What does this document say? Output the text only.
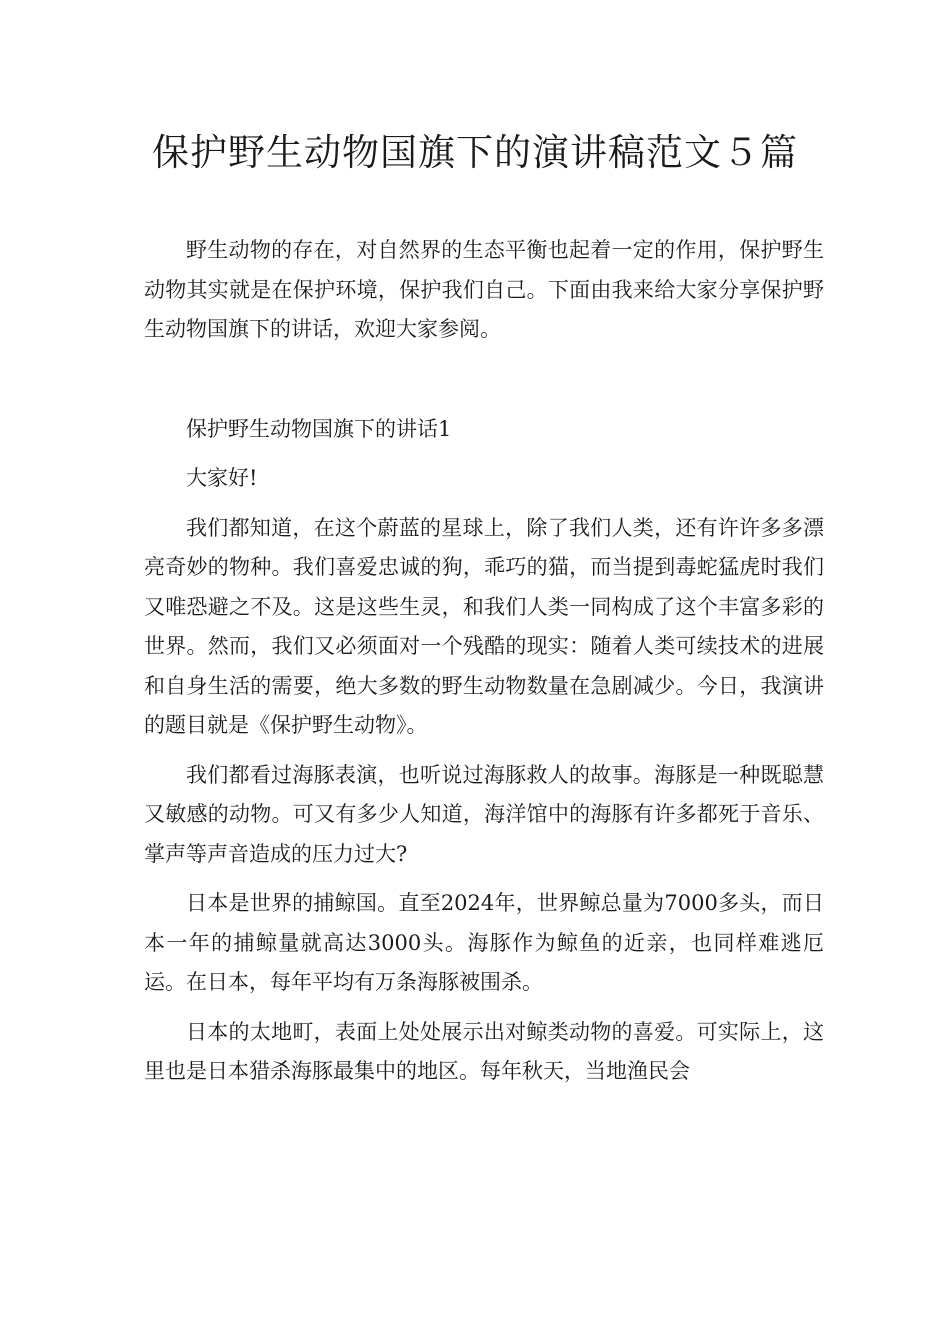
保护野生动物国旗下的演讲稿范文５篇

野生动物的存在，对自然界的生态平衡也起着一定的作用，保护野生动物其实就是在保护环境，保护我们自己。下面由我来给大家分享保护野生动物国旗下的讲话，欢迎大家参阅。

保护野生动物国旗下的讲话1

大家好!

我们都知道，在这个蔚蓝的星球上，除了我们人类，还有许许多多漂亮奇妙的物种。我们喜爱忠诚的狗，乖巧的猫，而当提到毒蛇猛虎时我们又唯恐避之不及。这是这些生灵，和我们人类一同构成了这个丰富多彩的世界。然而，我们又必须面对一个残酷的现实：随着人类可续技术的进展和自身生活的需要，绝大多数的野生动物数量在急剧减少。今日，我演讲的题目就是《保护野生动物》。

我们都看过海豚表演，也听说过海豚救人的故事。海豚是一种既聪慧又敏感的动物。可又有多少人知道，海洋馆中的海豚有许多都死于音乐、掌声等声音造成的压力过大?

日本是世界的捕鲸国。直至2024年，世界鲸总量为7000多头，而日本一年的捕鲸量就高达3000头。海豚作为鲸鱼的近亲，也同样难逃厄运。在日本，每年平均有万条海豚被围杀。

日本的太地町，表面上处处展示出对鲸类动物的喜爱。可实际上，这里也是日本猎杀海豚最集中的地区。每年秋天，当地渔民会
